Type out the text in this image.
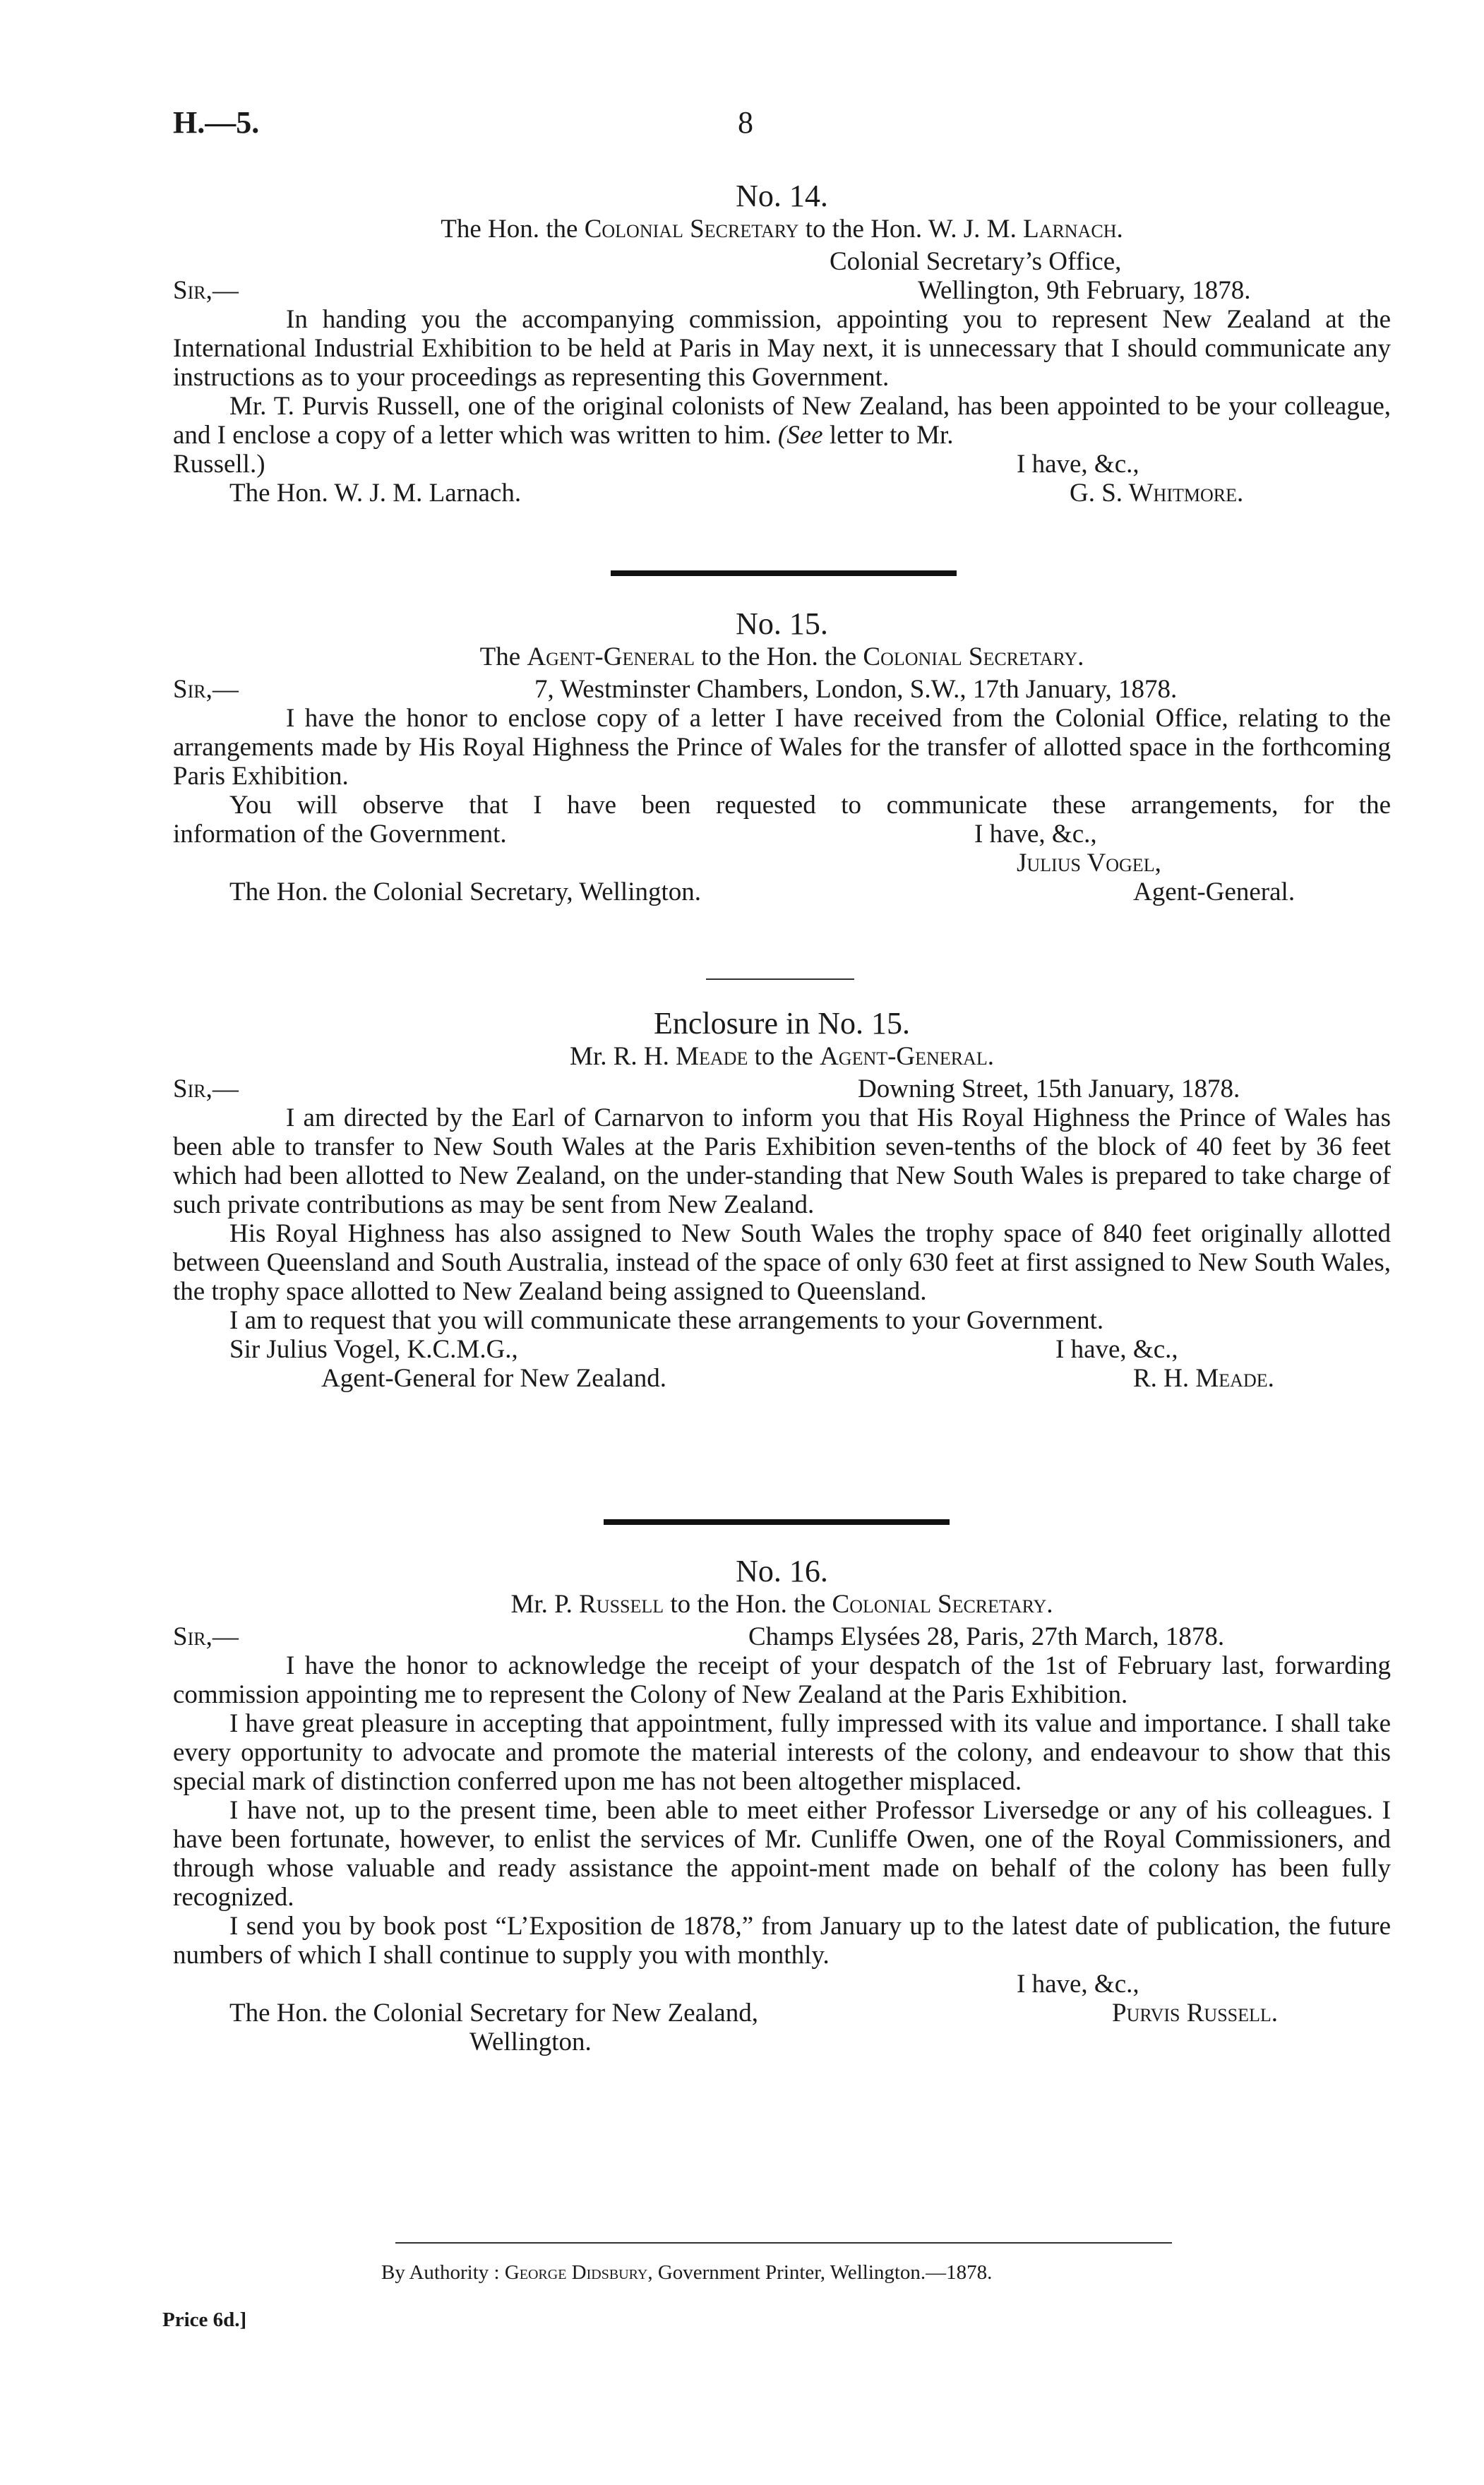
H.—5.	8
No. 14.
The Hon. the Colonial Secretary to the Hon. W. J. M. Larnach.
Colonial Secretary’s Office,
Sir,—	Wellington, 9th February, 1878.

In handing you the accompanying commission, appointing you to represent New Zealand at the International Industrial Exhibition to be held at Paris in May next, it is unnecessary that I should communicate any instructions as to your proceedings as representing this Government.

Mr. T. Purvis Russell, one of the original colonists of New Zealand, has been appointed to be your colleague, and I enclose a copy of a letter which was written to him. (See letter to Mr.

Russell.)	I have, &c.,
The Hon. W. J. M. Larnach.	G. S. Whitmore.
No. 15.
The Agent-General to the Hon. the Colonial Secretary.
Sir,—	7, Westminster Chambers, London, S.W., 17th January, 1878.

I have the honor to enclose copy of a letter I have received from the Colonial Office, relating to the arrangements made by His Royal Highness the Prince of Wales for the transfer of allotted space in the forthcoming Paris Exhibition.

You will observe that I have been requested to communicate these arrangements, for the

information of the Government.	I have, &c.,
Julius Vogel,
The Hon. the Colonial Secretary, Wellington.	Agent-General.
Enclosure in No. 15.
Mr. R. H. Meade to the Agent-General.
Sir,—	Downing Street, 15th January, 1878.

I am directed by the Earl of Carnarvon to inform you that His Royal Highness the Prince of Wales has been able to transfer to New South Wales at the Paris Exhibition seven-tenths of the block of 40 feet by 36 feet which had been allotted to New Zealand, on the under-standing that New South Wales is prepared to take charge of such private contributions as may be sent from New Zealand.

His Royal Highness has also assigned to New South Wales the trophy space of 840 feet originally allotted between Queensland and South Australia, instead of the space of only 630 feet at first assigned to New South Wales, the trophy space allotted to New Zealand being assigned to Queensland.

I am to request that you will communicate these arrangements to your Government.

Sir Julius Vogel, K.C.M.G.,	I have, &c.,
Agent-General for New Zealand.	R. H. Meade.
No. 16.
Mr. P. Russell to the Hon. the Colonial Secretary.
Sir,—	Champs Elysées 28, Paris, 27th March, 1878.

I have the honor to acknowledge the receipt of your despatch of the 1st of February last, forwarding commission appointing me to represent the Colony of New Zealand at the Paris Exhibition.

I have great pleasure in accepting that appointment, fully impressed with its value and importance. I shall take every opportunity to advocate and promote the material interests of the colony, and endeavour to show that this special mark of distinction conferred upon me has not been altogether misplaced.

I have not, up to the present time, been able to meet either Professor Liversedge or any of his colleagues. I have been fortunate, however, to enlist the services of Mr. Cunliffe Owen, one of the Royal Commissioners, and through whose valuable and ready assistance the appoint-ment made on behalf of the colony has been fully recognized.

I send you by book post “L’Exposition de 1878,” from January up to the latest date of publication, the future numbers of which I shall continue to supply you with monthly.

I have, &c.,
The Hon. the Colonial Secretary for New Zealand,	Purvis Russell.
Wellington.
By Authority : George Didsbury, Government Printer, Wellington.—1878.
Price 6d.]
